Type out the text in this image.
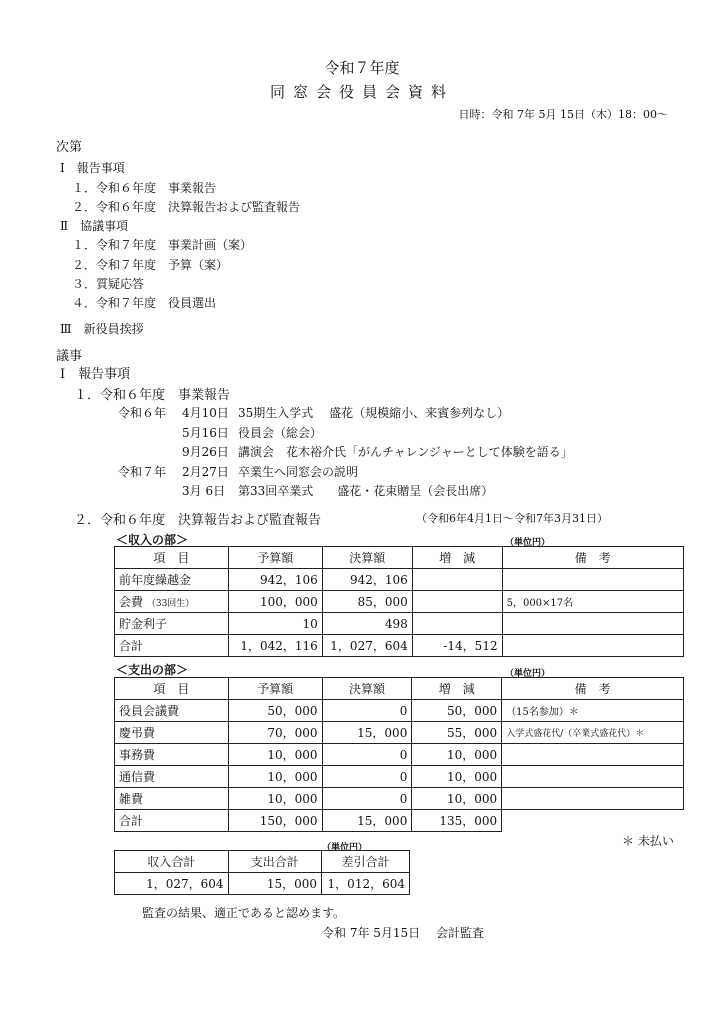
令和７年度
同窓会役員会資料
日時：令和 7年 5月 15日（木）18：00～
次第
Ⅰ　報告事項
１．令和６年度　事業報告
２．令和６年度　決算報告および監査報告
Ⅱ　協議事項
１．令和７年度　事業計画（案）
２．令和７年度　予算（案）
３．質疑応答
４．令和７年度　役員選出
Ⅲ　新役員挨拶
議事
Ⅰ　報告事項
１．令和６年度　事業報告
令和６年 4月10日 35期生入学式　 盛花（規模縮小、来賓参列なし）
5月16日 役員会（総会）
9月26日 講演会　花木裕介氏「がんチャレンジャーとして体験を語る」
令和７年 2月27日 卒業生へ同窓会の説明
3月 6日 第33回卒業式　　盛花・花束贈呈（会長出席）
２．令和６年度　決算報告および監査報告	（令和6年4月1日～令和7年3月31日）
＜収入の部＞	（単位円）
項　目	予算額	決算額	増　減	備　考
前年度繰越金	942，106	942，106		
会費 （33回生）	100，000	85，000		5，000×17名
貯金利子	10	498		
合計	1，042，116	1，027，604	-14，512	
＜支出の部＞	（単位円）
項　目	予算額	決算額	増　減	備　考
役員会議費	50，000	0	50，000	（15名参加）＊
慶弔費	70，000	15，000	55，000	入学式盛花代/（卒業式盛花代）＊
事務費	10，000	0	10，000	
通信費	10，000	0	10，000	
雑費	10，000	0	10，000	
合計	150，000	15，000	135，000	
＊ 未払い
（単位円）
収入合計	支出合計	差引合計
1，027，604	15，000	1，012，604
監査の結果、適正であると認めます。
令和 7年 5月15日　 会計監査
